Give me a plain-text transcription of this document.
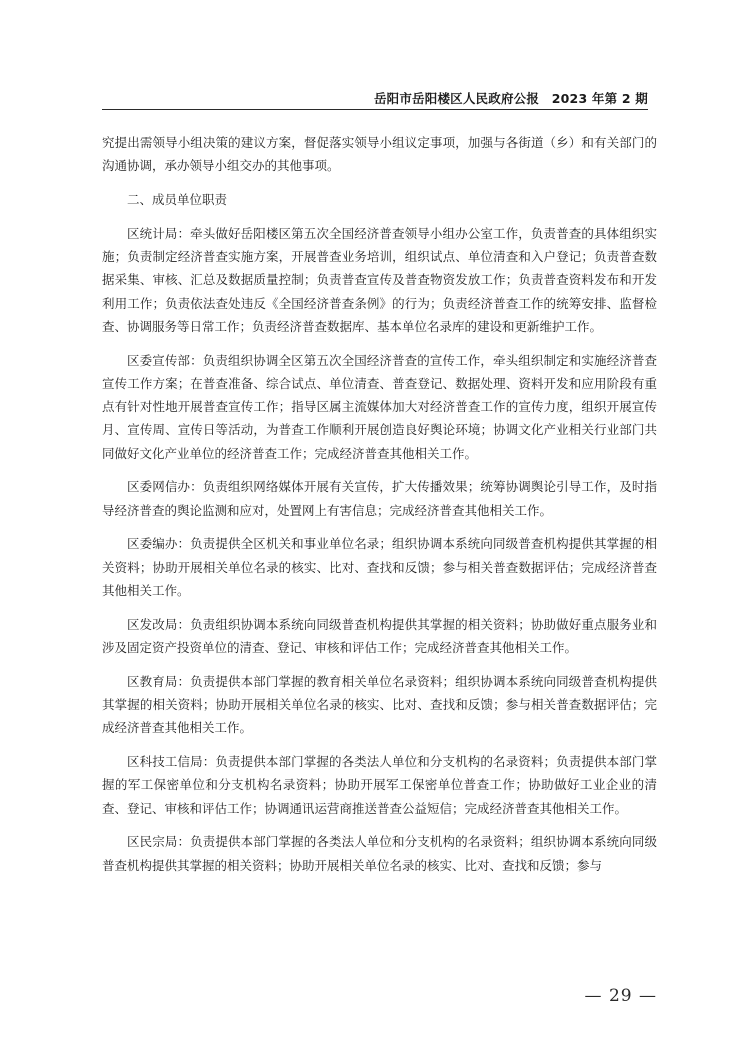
岳阳市岳阳楼区人民政府公报　2023 年第 2 期

究提出需领导小组决策的建议方案，督促落实领导小组议定事项，加强与各街道（乡）和有关部门的沟通协调，承办领导小组交办的其他事项。

二、成员单位职责

区统计局：牵头做好岳阳楼区第五次全国经济普查领导小组办公室工作，负责普查的具体组织实施；负责制定经济普查实施方案，开展普查业务培训，组织试点、单位清查和入户登记；负责普查数据采集、审核、汇总及数据质量控制；负责普查宣传及普查物资发放工作；负责普查资料发布和开发利用工作；负责依法查处违反《全国经济普查条例》的行为；负责经济普查工作的统筹安排、监督检查、协调服务等日常工作；负责经济普查数据库、基本单位名录库的建设和更新维护工作。

区委宣传部：负责组织协调全区第五次全国经济普查的宣传工作，牵头组织制定和实施经济普查宣传工作方案；在普查准备、综合试点、单位清查、普查登记、数据处理、资料开发和应用阶段有重点有针对性地开展普查宣传工作；指导区属主流媒体加大对经济普查工作的宣传力度，组织开展宣传月、宣传周、宣传日等活动，为普查工作顺利开展创造良好舆论环境；协调文化产业相关行业部门共同做好文化产业单位的经济普查工作；完成经济普查其他相关工作。

区委网信办：负责组织网络媒体开展有关宣传，扩大传播效果；统筹协调舆论引导工作，及时指导经济普查的舆论监测和应对，处置网上有害信息；完成经济普查其他相关工作。

区委编办：负责提供全区机关和事业单位名录；组织协调本系统向同级普查机构提供其掌握的相关资料；协助开展相关单位名录的核实、比对、查找和反馈；参与相关普查数据评估；完成经济普查其他相关工作。

区发改局：负责组织协调本系统向同级普查机构提供其掌握的相关资料；协助做好重点服务业和涉及固定资产投资单位的清查、登记、审核和评估工作；完成经济普查其他相关工作。

区教育局：负责提供本部门掌握的教育相关单位名录资料；组织协调本系统向同级普查机构提供其掌握的相关资料；协助开展相关单位名录的核实、比对、查找和反馈；参与相关普查数据评估；完成经济普查其他相关工作。

区科技工信局：负责提供本部门掌握的各类法人单位和分支机构的名录资料；负责提供本部门掌握的军工保密单位和分支机构名录资料；协助开展军工保密单位普查工作；协助做好工业企业的清查、登记、审核和评估工作；协调通讯运营商推送普查公益短信；完成经济普查其他相关工作。

区民宗局：负责提供本部门掌握的各类法人单位和分支机构的名录资料；组织协调本系统向同级普查机构提供其掌握的相关资料；协助开展相关单位名录的核实、比对、查找和反馈；参与

— 29 —
